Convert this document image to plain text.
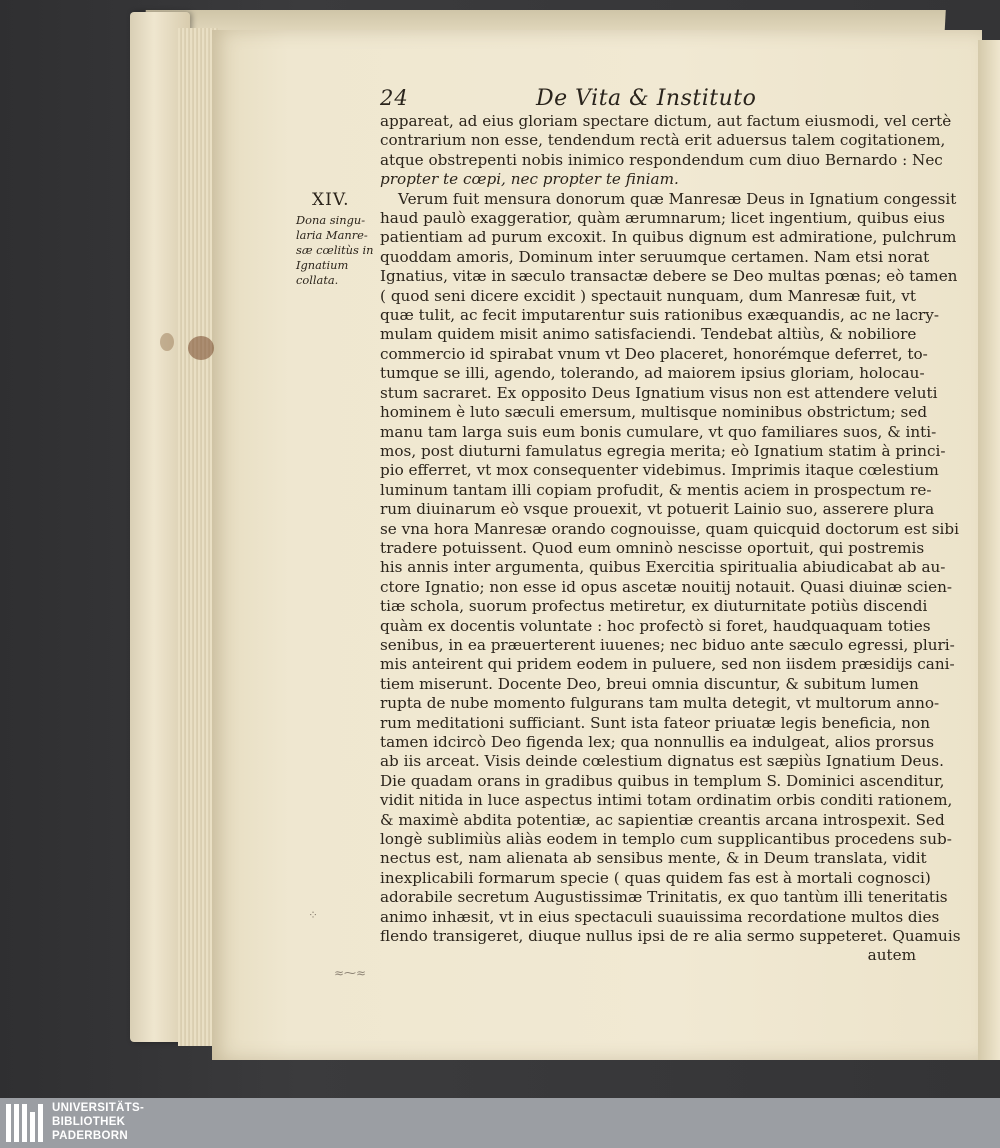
24	De Vita & Instituto
XIV.
Dona singu-
laria Manre-
sæ cœlitùs in
Ignatium
collata.
appareat, ad eius gloriam spectare dictum, aut factum eiusmodi, vel certè
contrarium non esse, tendendum rectà erit aduersus talem cogitationem,
atque obstrepenti nobis inimico respondendum cum diuo Bernardo : Nec
propter te cœpi, nec propter te finiam.
Verum fuit mensura donorum quæ Manresæ Deus in Ignatium congessit
haud paulò exaggeratior, quàm ærumnarum; licet ingentium, quibus eius
patientiam ad purum excoxit. In quibus dignum est admiratione, pulchrum
quoddam amoris, Dominum inter seruumque certamen. Nam etsi norat
Ignatius, vitæ in sæculo transactæ debere se Deo multas pœnas; eò tamen
( quod seni dicere excidit ) spectauit nunquam, dum Manresæ fuit, vt
quæ tulit, ac fecit imputarentur suis rationibus exæquandis, ac ne lacry-
mulam quidem misit animo satisfaciendi. Tendebat altiùs, & nobiliore
commercio id spirabat vnum vt Deo placeret, honorémque deferret, to-
tumque se illi, agendo, tolerando, ad maiorem ipsius gloriam, holocau-
stum sacraret. Ex opposito Deus Ignatium visus non est attendere veluti
hominem è luto sæculi emersum, multisque nominibus obstrictum; sed
manu tam larga suis eum bonis cumulare, vt quo familiares suos, & inti-
mos, post diuturni famulatus egregia merita; eò Ignatium statim à princi-
pio efferret, vt mox consequenter videbimus. Imprimis itaque cœlestium
luminum tantam illi copiam profudit, & mentis aciem in prospectum re-
rum diuinarum eò vsque prouexit, vt potuerit Lainio suo, asserere plura
se vna hora Manresæ orando cognouisse, quam quicquid doctorum est sibi
tradere potuissent. Quod eum omninò nescisse oportuit, qui postremis
his annis inter argumenta, quibus Exercitia spiritualia abiudicabat ab au-
ctore Ignatio; non esse id opus ascetæ nouitij notauit. Quasi diuinæ scien-
tiæ schola, suorum profectus metiretur, ex diuturnitate potiùs discendi
quàm ex docentis voluntate : hoc profectò si foret, haudquaquam toties
senibus, in ea præuerterent iuuenes; nec biduo ante sæculo egressi, pluri-
mis anteirent qui pridem eodem in puluere, sed non iisdem præsidijs cani-
tiem miserunt. Docente Deo, breui omnia discuntur, & subitum lumen
rupta de nube momento fulgurans tam multa detegit, vt multorum anno-
rum meditationi sufficiant. Sunt ista fateor priuatæ legis beneficia, non
tamen idcircò Deo figenda lex; qua nonnullis ea indulgeat, alios prorsus
ab iis arceat. Visis deinde cœlestium dignatus est sæpiùs Ignatium Deus.
Die quadam orans in gradibus quibus in templum S. Dominici ascenditur,
vidit nitida in luce aspectus intimi totam ordinatim orbis conditi rationem,
& maximè abdita potentiæ, ac sapientiæ creantis arcana introspexit. Sed
longè sublimiùs aliàs eodem in templo cum supplicantibus procedens sub-
nectus est, nam alienata ab sensibus mente, & in Deum translata, vidit
inexplicabili formarum specie ( quas quidem fas est à mortali cognosci)
adorabile secretum Augustissimæ Trinitatis, ex quo tantùm illi teneritatis
animo inhæsit, vt in eius spectaculi suauissima recordatione multos dies
flendo transigeret, diuque nullus ipsi de re alia sermo suppeteret. Quamuis
autem
⁘
≈⁓≈
UNIVERSITÄTS-
BIBLIOTHEK
PADERBORN
